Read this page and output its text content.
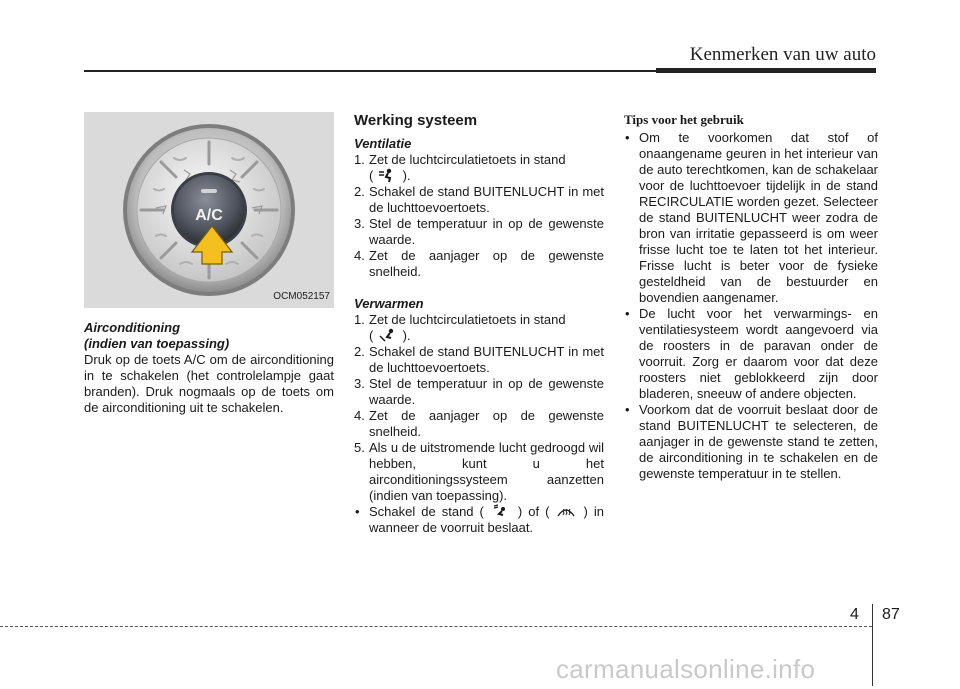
Kenmerken van uw auto
A/C
OCM052157

Airconditioning

(indien van toepassing)

Druk op de toets A/C om de airconditioning in te schakelen (het controlelampje gaat branden). Druk nogmaals op de toets om de airconditioning uit te schakelen.

Werking systeem

Ventilatie

1. Zet de luchtcirculatietoets in stand
( ).
2. Schakel de stand BUITENLUCHT in met de luchttoevoertoets.
3. Stel de temperatuur in op de gewenste waarde.
4. Zet de aanjager op de gewenste snelheid.

Verwarmen

1. Zet de luchtcirculatietoets in stand
( ).
2. Schakel de stand BUITENLUCHT in met de luchttoevoertoets.
3. Stel de temperatuur in op de gewenste waarde.
4. Zet de aanjager op de gewenste snelheid.
5. Als u de uitstromende lucht gedroogd wil hebben, kunt u het airconditioningssysteem aanzetten (indien van toepassing).
• Schakel de stand (	) of (	) in wanneer de voorruit beslaat.

Tips voor het gebruik

• Om te voorkomen dat stof of onaangename geuren in het interieur van de auto terechtkomen, kan de schakelaar voor de luchttoevoer tijdelijk in de stand RECIRCULATIE worden gezet. Selecteer de stand BUITENLUCHT weer zodra de bron van irritatie gepasseerd is om weer frisse lucht toe te laten tot het interieur. Frisse lucht is beter voor de fysieke gesteldheid van de bestuurder en bovendien aangenamer.
• De lucht voor het verwarmings- en ventilatiesysteem wordt aangevoerd via de roosters in de paravan onder de voorruit. Zorg er daarom voor dat deze roosters niet geblokkeerd zijn door bladeren, sneeuw of andere objecten.
• Voorkom dat de voorruit beslaat door de stand BUITENLUCHT te selecteren, de aanjager in de gewenste stand te zetten, de airconditioning in te schakelen en de gewenste temperatuur in te stellen.
4 87
carmanualsonline.info
